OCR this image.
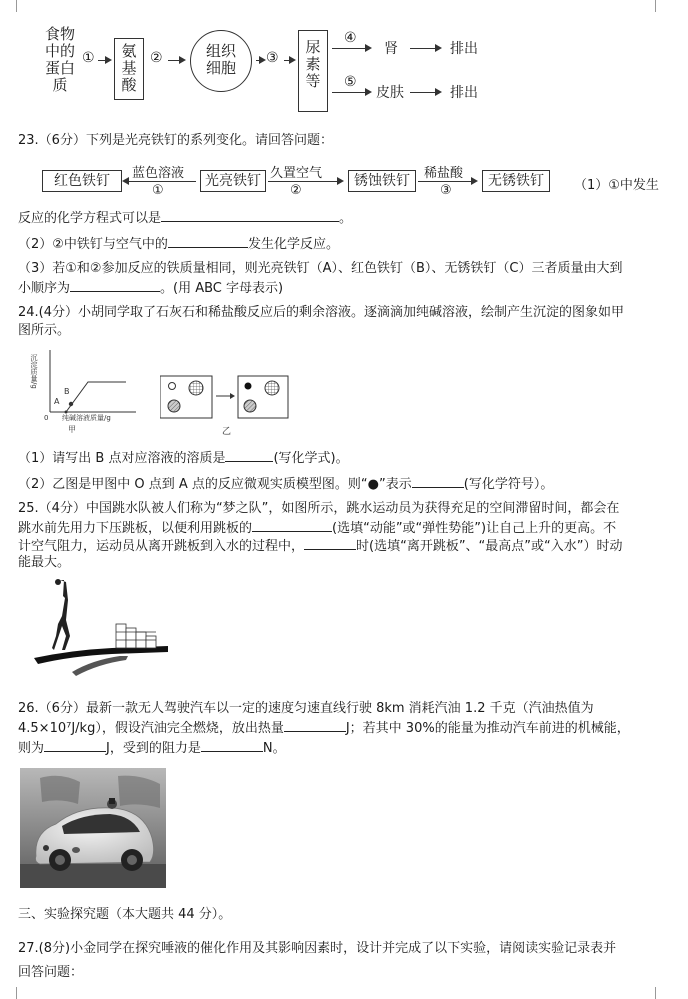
食物
中的
蛋白
质
①	氨
基
酸
②	组织
细胞
③
尿
素
等
④
肾	排出
⑤
皮肤	排出
23.（6分）下列是光亮铁钉的系列变化。请回答问题：
红色铁钉	蓝色溶液
①
光亮铁钉 久置空气
②
锈蚀铁钉	稀盐酸
③
无锈铁钉	（1）①中发生
反应的化学方程式可以是	。
（2）②中铁钉与空气中的	发生化学反应。
（3）若①和②参加反应的铁质量相同，则光亮铁钉（A）、红色铁钉（B）、无锈铁钉（C）三者质量由大到
小顺序为	。(用 ABC 字母表示)
24.(4分）小胡同学取了石灰石和稀盐酸反应后的剩余溶液。逐滴滴加纯碱溶液，绘制产生沉淀的图象如甲
图所示。
沉淀质量/g
A
B
0 纯碱溶液质量/g
甲	乙
（1）请写出 B 点对应溶液的溶质是	(写化学式)。
（2）乙图是甲图中 O 点到 A 点的反应微观实质模型图。则“●”表示	(写化学符号）。
25.（4分）中国跳水队被人们称为“梦之队”，如图所示，跳水运动员为获得充足的空间滞留时间，都会在
跳水前先用力下压跳板，以便利用跳板的	(选填“动能”或“弹性势能”)让自己上升的更高。不
计空气阻力，运动员从离开跳板到入水的过程中，	时(选填“离开跳板”、“最高点”或“入水”）时动
能最大。
26.（6分）最新一款无人驾驶汽车以一定的速度匀速直线行驶 8km 消耗汽油 1.2 千克（汽油热值为
4.5×10⁷J/kg），假设汽油完全燃烧，放出热量	J；若其中 30%的能量为推动汽车前进的机械能，
则为	J，受到的阻力是	N。
三、实验探究题（本大题共 44 分）。
27.(8分)小金同学在探究唾液的催化作用及其影响因素时，设计并完成了以下实验，请阅读实验记录表并
回答问题：
